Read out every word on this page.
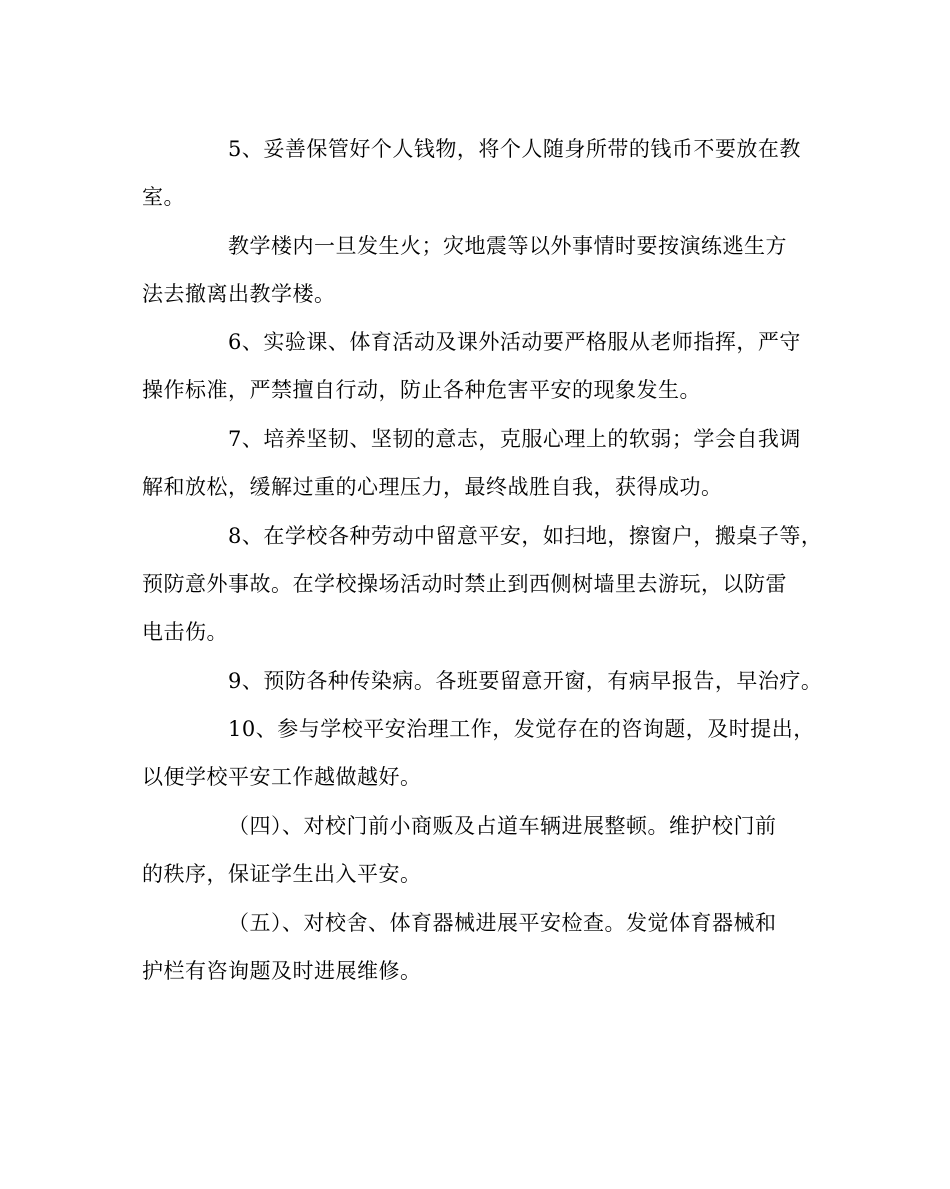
5、妥善保管好个人钱物，将个人随身所带的钱币不要放在教
室。
教学楼内一旦发生火；灾地震等以外事情时要按演练逃生方
法去撤离出教学楼。
6、实验课、体育活动及课外活动要严格服从老师指挥，严守
操作标准，严禁擅自行动，防止各种危害平安的现象发生。
7、培养坚韧、坚韧的意志，克服心理上的软弱；学会自我调
解和放松，缓解过重的心理压力，最终战胜自我，获得成功。
8、在学校各种劳动中留意平安，如扫地，擦窗户，搬桌子等，
预防意外事故。在学校操场活动时禁止到西侧树墙里去游玩，以防雷
电击伤。
9、预防各种传染病。各班要留意开窗，有病早报告，早治疗。
10、参与学校平安治理工作，发觉存在的咨询题，及时提出，
以便学校平安工作越做越好。
（四）、对校门前小商贩及占道车辆进展整顿。维护校门前
的秩序，保证学生出入平安。
（五）、对校舍、体育器械进展平安检查。发觉体育器械和
护栏有咨询题及时进展维修。
